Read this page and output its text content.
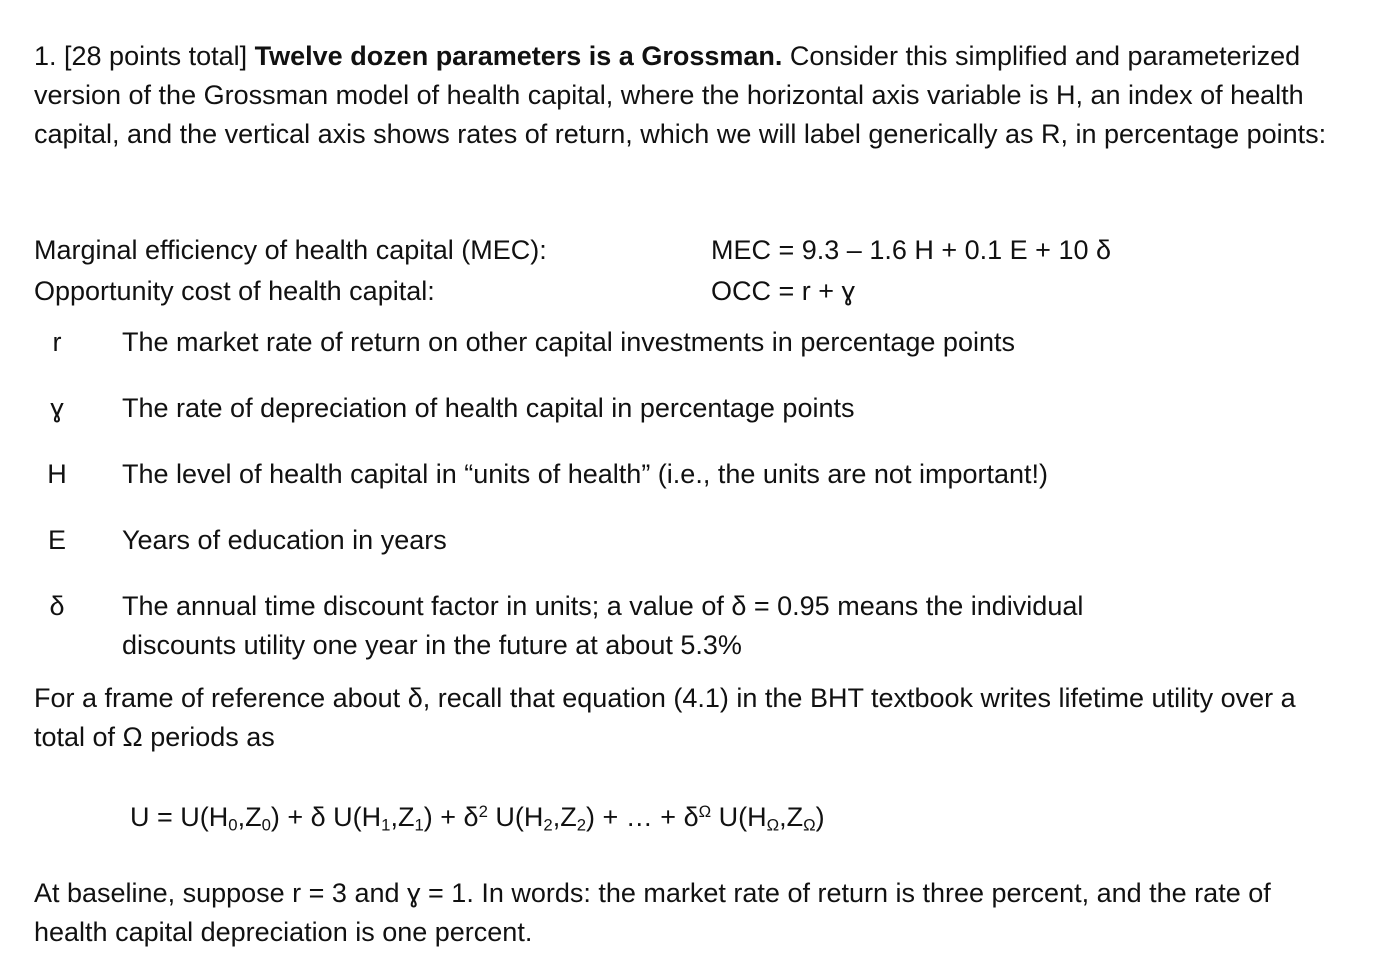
1. [28 points total] Twelve dozen parameters is a Grossman. Consider this simplified and parameterized version of the Grossman model of health capital, where the horizontal axis variable is H, an index of health capital, and the vertical axis shows rates of return, which we will label generically as R, in percentage points:

Marginal efficiency of health capital (MEC):	MEC = 9.3 – 1.6 H + 0.1 E + 10 δ
Opportunity cost of health capital:	OCC = r + ɣ
r	The market rate of return on other capital investments in percentage points
ɣ	The rate of depreciation of health capital in percentage points
H	The level of health capital in “units of health” (i.e., the units are not important!)
E	Years of education in years
δ	The annual time discount factor in units; a value of δ = 0.95 means the individual discounts utility one year in the future at about 5.3%

For a frame of reference about δ, recall that equation (4.1) in the BHT textbook writes lifetime utility over a total of Ω periods as

$U = U(H_0,Z_0) + \delta$ $U(H_1,Z_1) + \delta^2$ $U(H_2,Z_2)$ + … + $\delta^\Omega$ $U(H_\Omega,Z_\Omega)$

At baseline, suppose r = 3 and ɣ = 1. In words: the market rate of return is three percent, and the rate of health capital depreciation is one percent.
